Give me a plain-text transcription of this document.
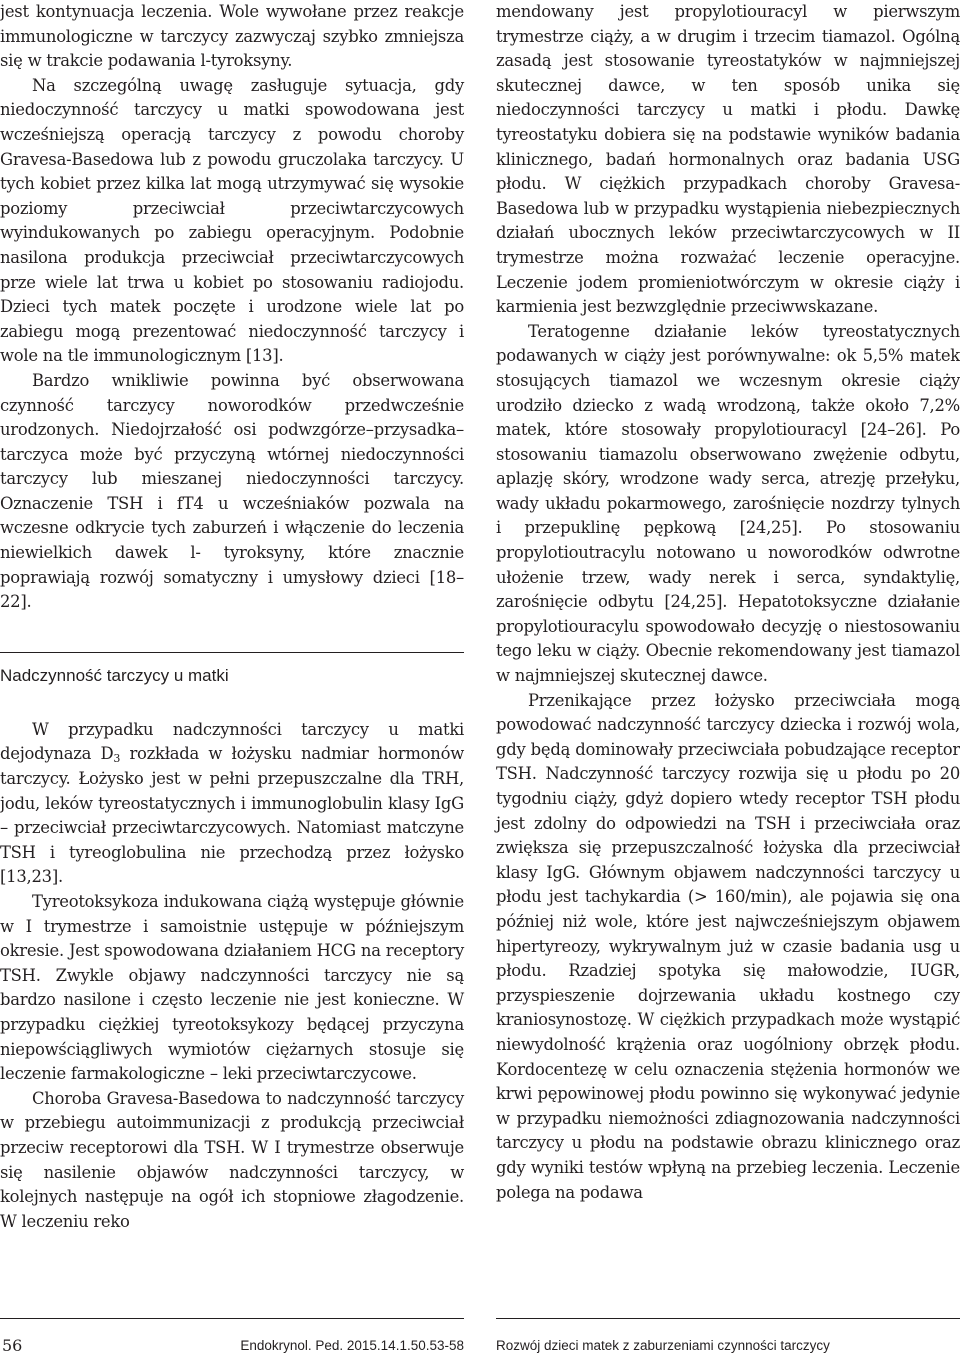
jest kontynuacja leczenia. Wole wywołane przez reakcje immunologiczne w tarczycy zazwyczaj szybko zmniejsza się w trakcie podawania l-tyroksyny.

Na szczególną uwagę zasługuje sytuacja, gdy niedoczynność tarczycy u matki spowodowana jest wcześniejszą operacją tarczycy z powodu choroby Gravesa-Basedowa lub z powodu gruczolaka tarczycy. U tych kobiet przez kilka lat mogą utrzymywać się wysokie poziomy przeciwciał przeciwtarczycowych wyindukowanych po zabiegu operacyjnym. Podobnie nasilona produkcja przeciwciał przeciwtarczycowych prze wiele lat trwa u kobiet po stosowaniu radiojodu. Dzieci tych matek poczęte i urodzone wiele lat po zabiegu mogą prezentować niedoczynność tarczycy i wole na tle immunologicznym [13].

Bardzo wnikliwie powinna być obserwowana czynność tarczycy noworodków przedwcześnie urodzonych. Niedojrzałość osi podwzgórze–przysadka–tarczyca może być przyczyną wtórnej niedoczynności tarczycy lub mieszanej niedoczynności tarczycy. Oznaczenie TSH i fT4 u wcześniaków pozwala na wczesne odkrycie tych zaburzeń i włączenie do leczenia niewielkich dawek l- tyroksyny, które znacznie poprawiają rozwój somatyczny i umysłowy dzieci [18–22].

Nadczynność tarczycy u matki

W przypadku nadczynności tarczycy u matki dejodynaza $D_3$ rozkłada w łożysku nadmiar hormonów tarczycy. Łożysko jest w pełni przepuszczalne dla TRH, jodu, leków tyreostatycznych i immunoglobulin klasy IgG – przeciwciał przeciwtarczycowych. Natomiast matczyne TSH i tyreoglobulina nie przechodzą przez łożysko [13,23].

Tyreotoksykoza indukowana ciążą występuje głównie w I trymestrze i samoistnie ustępuje w późniejszym okresie. Jest spowodowana działaniem HCG na receptory TSH. Zwykle objawy nadczynności tarczycy nie są bardzo nasilone i często leczenie nie jest konieczne. W przypadku ciężkiej tyreotoksykozy będącej przyczyna niepowściągliwych wymiotów ciężarnych stosuje się leczenie farmakologiczne – leki przeciwtarczycowe.

Choroba Gravesa-Basedowa to nadczynność tarczycy w przebiegu autoimmunizacji z produkcją przeciwciał przeciw receptorowi dla TSH. W I trymestrze obserwuje się nasilenie objawów nadczynności tarczycy, w kolejnych następuje na ogół ich stopniowe złagodzenie. W leczeniu reko

mendowany jest propylotiouracyl w pierwszym trymestrze ciąży, a w drugim i trzecim tiamazol. Ogólną zasadą jest stosowanie tyreostatyków w najmniejszej skutecznej dawce, w ten sposób unika się niedoczynności tarczycy u matki i płodu. Dawkę tyreostatyku dobiera się na podstawie wyników badania klinicznego, badań hormonalnych oraz badania USG płodu. W ciężkich przypadkach choroby Gravesa-Basedowa lub w przypadku wystąpienia niebezpiecznych działań ubocznych leków przeciwtarczycowych w II trymestrze można rozważać leczenie operacyjne. Leczenie jodem promieniotwórczym w okresie ciąży i karmienia jest bezwzględnie przeciwwskazane.

Teratogenne działanie leków tyreostatycznych podawanych w ciąży jest porównywalne: ok 5,5% matek stosujących tiamazol we wczesnym okresie ciąży urodziło dziecko z wadą wrodzoną, także około 7,2% matek, które stosowały propylotiouracyl [24–26]. Po stosowaniu tiamazolu obserwowano zwężenie odbytu, aplazję skóry, wrodzone wady serca, atrezję przełyku, wady układu pokarmowego, zarośnięcie nozdrzy tylnych i przepuklinę pępkową [24,25]. Po stosowaniu propylotioutracylu notowano u noworodków odwrotne ułożenie trzew, wady nerek i serca, syndaktylię, zarośnięcie odbytu [24,25]. Hepatotoksyczne działanie propylotiouracylu spowodowało decyzję o niestosowaniu tego leku w ciąży. Obecnie rekomendowany jest tiamazol w najmniejszej skutecznej dawce.

Przenikające przez łożysko przeciwciała mogą powodować nadczynność tarczycy dziecka i rozwój wola, gdy będą dominowały przeciwciała pobudzające receptor TSH. Nadczynność tarczycy rozwija się u płodu po 20 tygodniu ciąży, gdyż dopiero wtedy receptor TSH płodu jest zdolny do odpowiedzi na TSH i przeciwciała oraz zwiększa się przepuszczalność łożyska dla przeciwciał klasy IgG. Głównym objawem nadczynności tarczycy u płodu jest tachykardia (> 160/min), ale pojawia się ona później niż wole, które jest najwcześniejszym objawem hipertyreozy, wykrywalnym już w czasie badania usg u płodu. Rzadziej spotyka się małowodzie, IUGR, przyspieszenie dojrzewania układu kostnego czy kraniosynostozę. W ciężkich przypadkach może wystąpić niewydolność krążenia oraz uogólniony obrzęk płodu. Kordocentezę w celu oznaczenia stężenia hormonów we krwi pępowinowej płodu powinno się wykonywać jedynie w przypadku niemożności zdiagnozowania nadczynności tarczycy u płodu na podstawie obrazu klinicznego oraz gdy wyniki testów wpłyną na przebieg leczenia. Leczenie polega na podawa

56	Endokrynol. Ped. 2015.14.1.50.53-58 Rozwój dzieci matek z zaburzeniami czynności tarczycy
